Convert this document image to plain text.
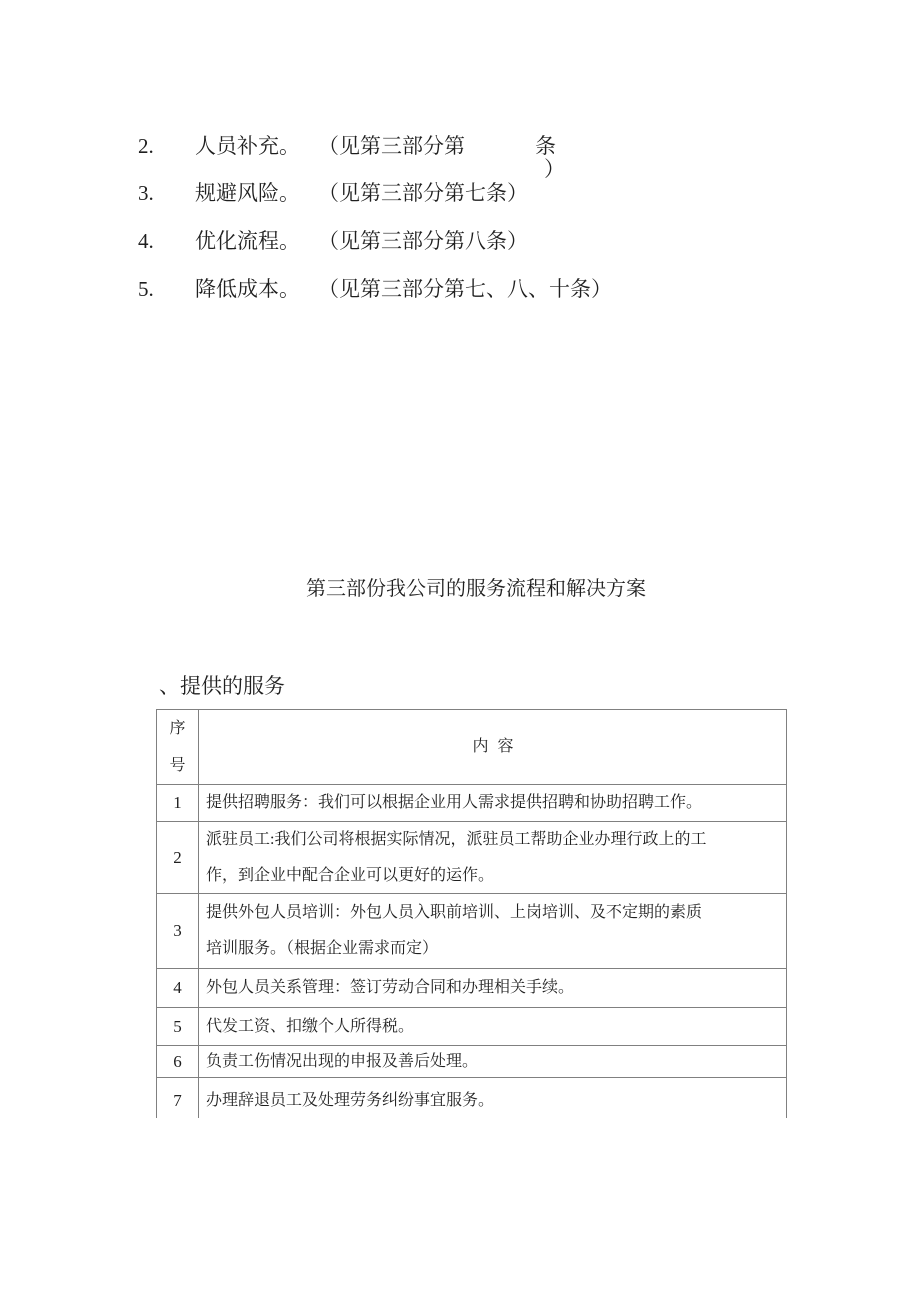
2. 人员补充。 （见第三部分第	条
）
3. 规避风险。 （见第三部分第七条）
4. 优化流程。 （见第三部分第八条）
5. 降低成本。 （见第三部分第七、八、十条）
第三部份我公司的服务流程和解决方案
、提供的服务
序
号
内容
1 提供招聘服务：我们可以根据企业用人需求提供招聘和协助招聘工作。
2
派驻员工:我们公司将根据实际情况，派驻员工帮助企业办理行政上的工
作，到企业中配合企业可以更好的运作。
3
提供外包人员培训：外包人员入职前培训、上岗培训、及不定期的素质
培训服务。（根据企业需求而定）
4 外包人员关系管理：签订劳动合同和办理相关手续。
5 代发工资、扣缴个人所得税。
6 负责工伤情况出现的申报及善后处理。
7 办理辞退员工及处理劳务纠纷事宜服务。
